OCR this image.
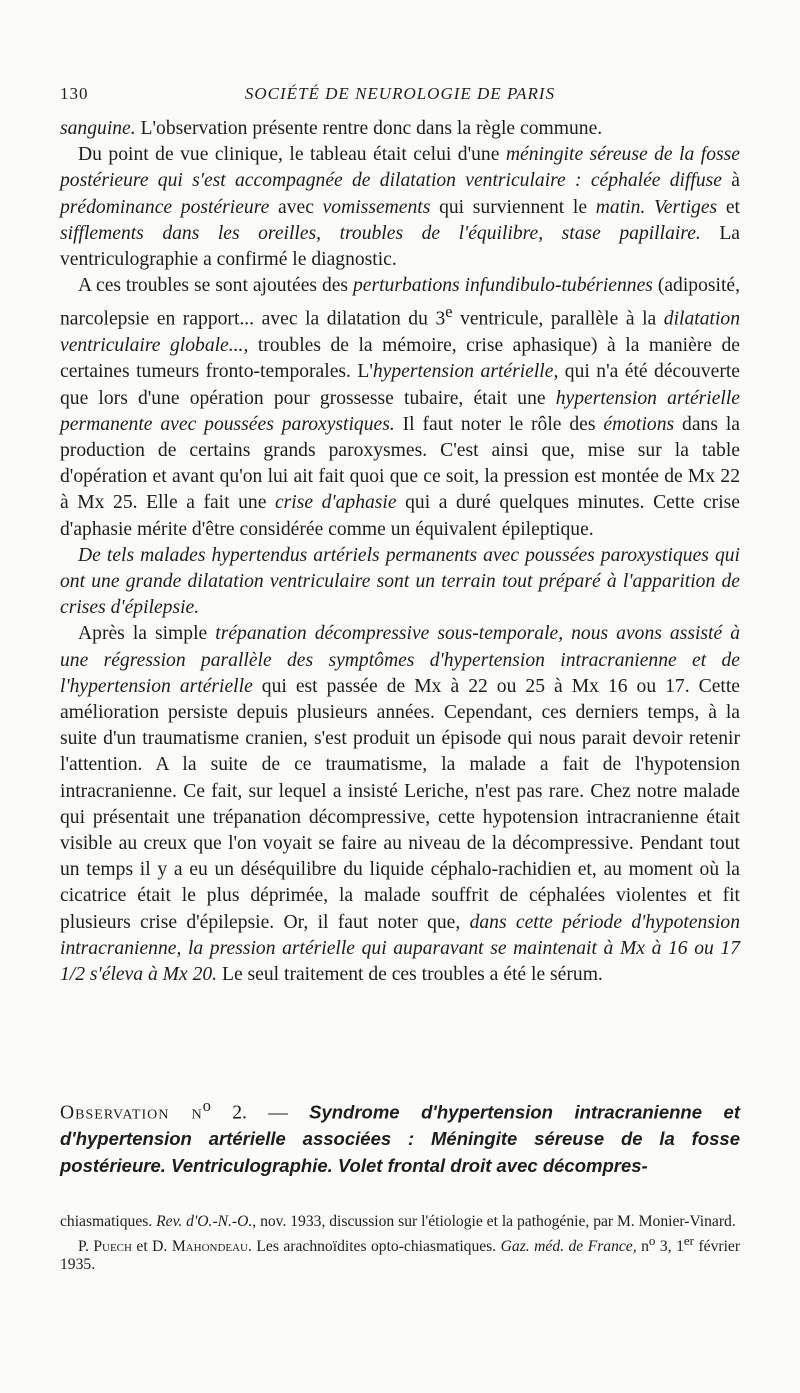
130	SOCIÉTÉ DE NEUROLOGIE DE PARIS

sanguine. L'observation présente rentre donc dans la règle commune.

Du point de vue clinique, le tableau était celui d'une méningite séreuse de la fosse postérieure qui s'est accompagnée de dilatation ventriculaire : céphalée diffuse à prédominance postérieure avec vomissements qui surviennent le matin. Vertiges et sifflements dans les oreilles, troubles de l'équilibre, stase papillaire. La ventriculographie a confirmé le diagnostic.

A ces troubles se sont ajoutées des perturbations infundibulo-tubériennes (adiposité, narcolepsie en rapport... avec la dilatation du 3e ventricule, parallèle à la dilatation ventriculaire globale..., troubles de la mémoire, crise aphasique) à la manière de certaines tumeurs fronto-temporales. L'hypertension artérielle, qui n'a été découverte que lors d'une opération pour grossesse tubaire, était une hypertension artérielle permanente avec poussées paroxystiques. Il faut noter le rôle des émotions dans la production de certains grands paroxysmes. C'est ainsi que, mise sur la table d'opération et avant qu'on lui ait fait quoi que ce soit, la pression est montée de Mx 22 à Mx 25. Elle a fait une crise d'aphasie qui a duré quelques minutes. Cette crise d'aphasie mérite d'être considérée comme un équivalent épileptique.

De tels malades hypertendus artériels permanents avec poussées paroxystiques qui ont une grande dilatation ventriculaire sont un terrain tout préparé à l'apparition de crises d'épilepsie.

Après la simple trépanation décompressive sous-temporale, nous avons assisté à une régression parallèle des symptômes d'hypertension intracranienne et de l'hypertension artérielle qui est passée de Mx à 22 ou 25 à Mx 16 ou 17. Cette amélioration persiste depuis plusieurs années. Cependant, ces derniers temps, à la suite d'un traumatisme cranien, s'est produit un épisode qui nous parait devoir retenir l'attention. A la suite de ce traumatisme, la malade a fait de l'hypotension intracranienne. Ce fait, sur lequel a insisté Leriche, n'est pas rare. Chez notre malade qui présentait une trépanation décompressive, cette hypotension intracranienne était visible au creux que l'on voyait se faire au niveau de la décompressive. Pendant tout un temps il y a eu un déséquilibre du liquide céphalo-rachidien et, au moment où la cicatrice était le plus déprimée, la malade souffrit de céphalées violentes et fit plusieurs crise d'épilepsie. Or, il faut noter que, dans cette période d'hypotension intracranienne, la pression artérielle qui auparavant se maintenait à Mx à 16 ou 17 1/2 s'éleva à Mx 20. Le seul traitement de ces troubles a été le sérum.

Observation $n^o$ 2. — Syndrome d'hypertension intracranienne et d'hypertension artérielle associées : Méningite séreuse de la fosse postérieure. Ventriculographie. Volet frontal droit avec décompres-

chiasmatiques. Rev. d'O.-N.-O., nov. 1933, discussion sur l'étiologie et la pathogénie, par M. Monier-Vinard.

P. Puech et D. Mahondeau. Les arachnoïdites opto-chiasmatiques. Gaz. méd. de France, $n^o$ 3, 1er février 1935.
